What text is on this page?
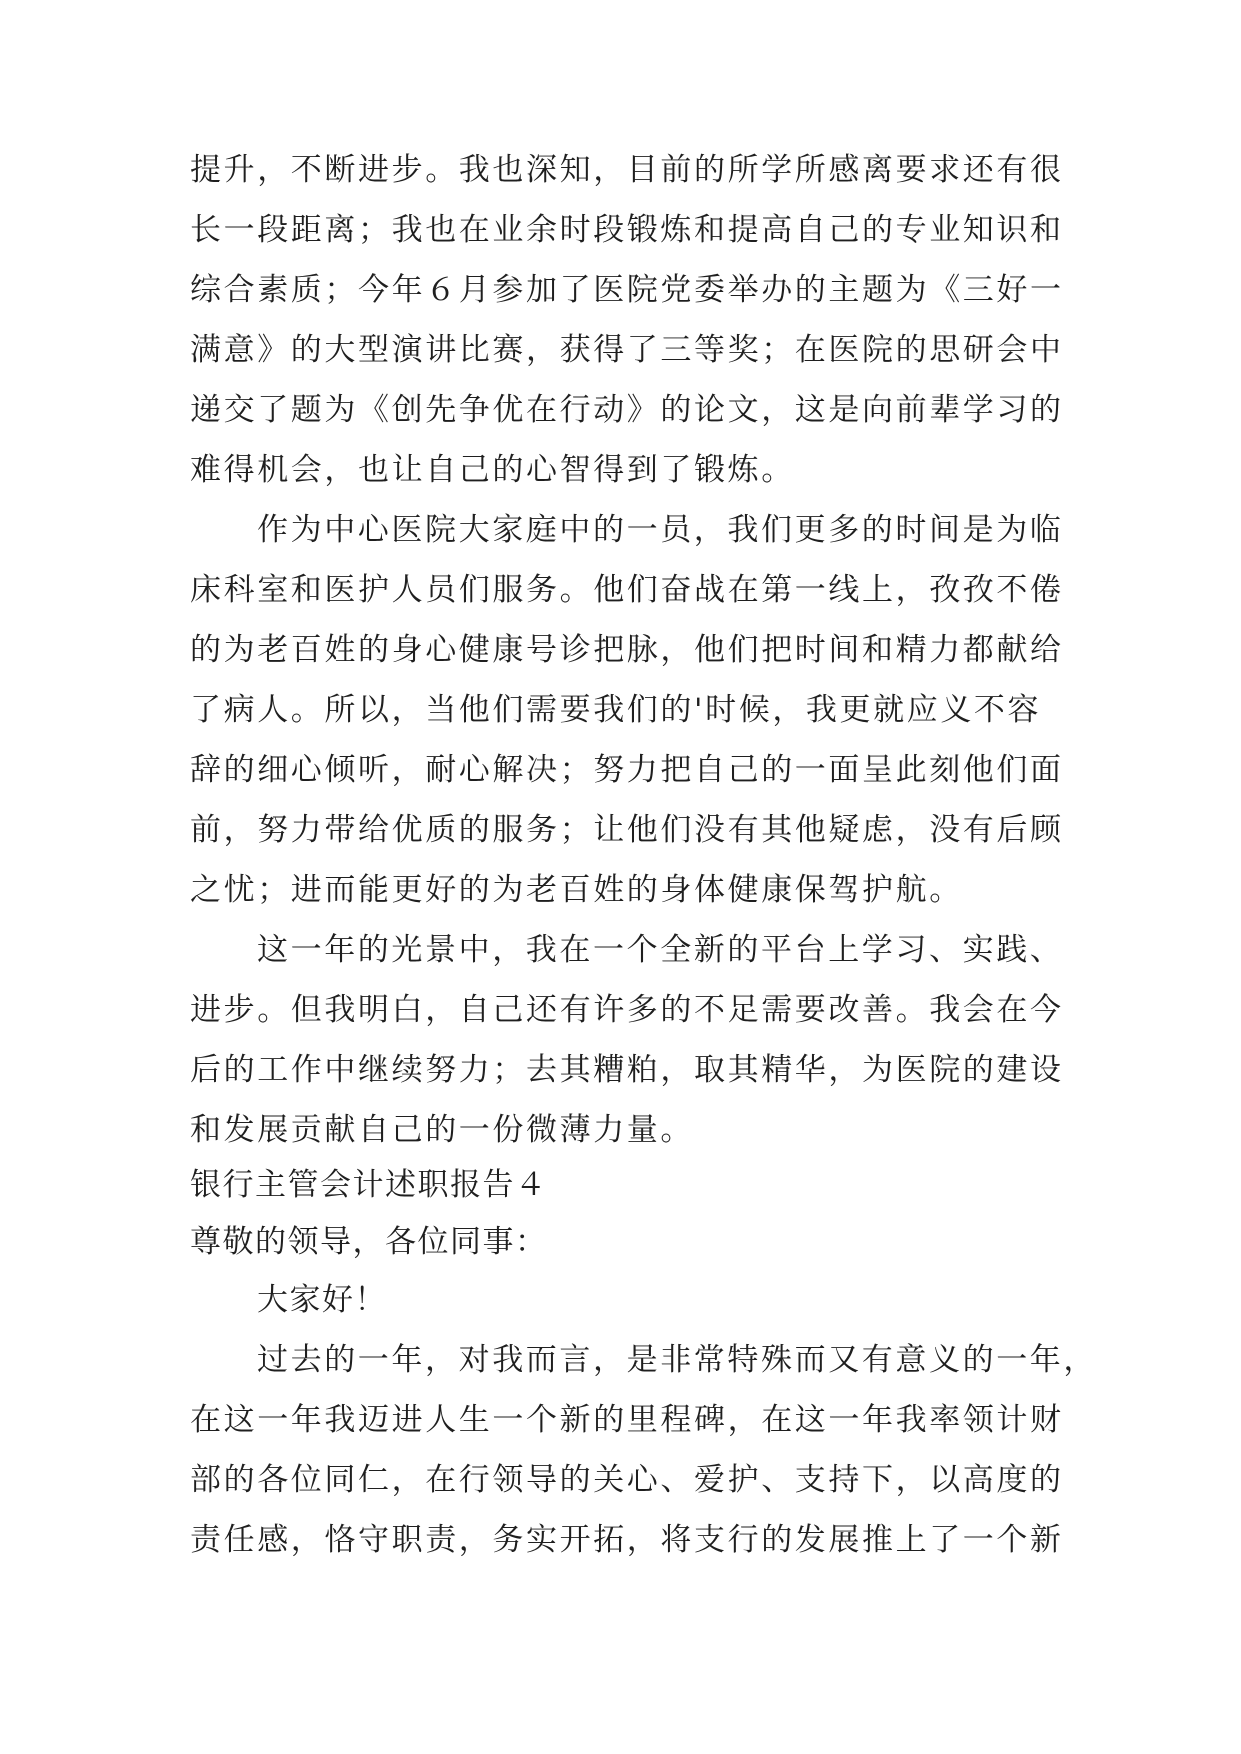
提升，不断进步。我也深知，目前的所学所感离要求还有很

长一段距离；我也在业余时段锻炼和提高自己的专业知识和

综合素质；今年６月参加了医院党委举办的主题为《三好一

满意》的大型演讲比赛，获得了三等奖；在医院的思研会中

递交了题为《创先争优在行动》的论文，这是向前辈学习的

难得机会，也让自己的心智得到了锻炼。

作为中心医院大家庭中的一员，我们更多的时间是为临

床科室和医护人员们服务。他们奋战在第一线上，孜孜不倦

的为老百姓的身心健康号诊把脉，他们把时间和精力都献给

了病人。所以，当他们需要我们的'时候，我更就应义不容

辞的细心倾听，耐心解决；努力把自己的一面呈此刻他们面

前，努力带给优质的服务；让他们没有其他疑虑，没有后顾

之忧；进而能更好的为老百姓的身体健康保驾护航。

这一年的光景中，我在一个全新的平台上学习、实践、

进步。但我明白，自己还有许多的不足需要改善。我会在今

后的工作中继续努力；去其糟粕，取其精华，为医院的建设

和发展贡献自己的一份微薄力量。

银行主管会计述职报告４

尊敬的领导，各位同事：

大家好！

过去的一年，对我而言，是非常特殊而又有意义的一年，

在这一年我迈进人生一个新的里程碑，在这一年我率领计财

部的各位同仁，在行领导的关心、爱护、支持下，以高度的

责任感，恪守职责，务实开拓，将支行的发展推上了一个新
